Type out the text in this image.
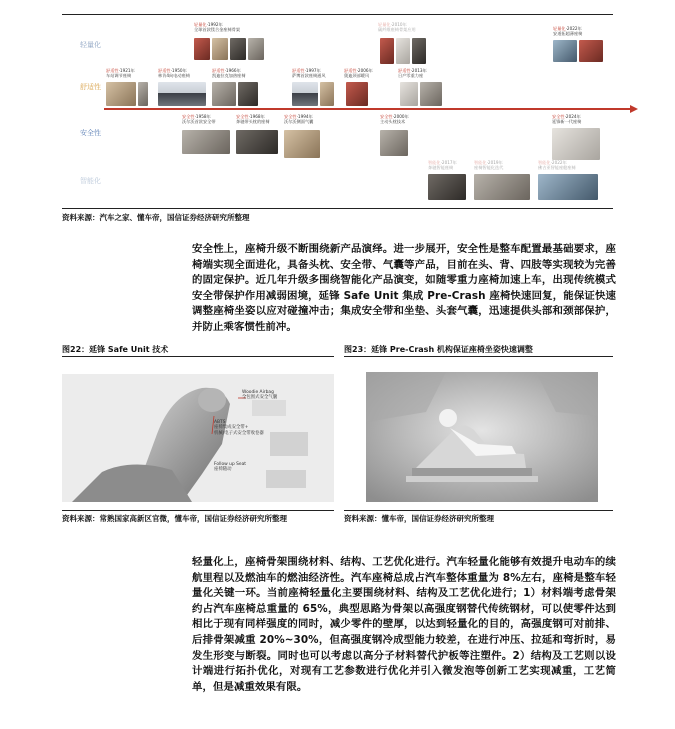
轻量化
舒适性
安全性
智能化
轻量化·1992年
全球首款镁合金座椅骨架
轻量化·2010年
碳纤维座椅骨架应用	轻量化·2022年
安道拓超薄座椅
舒适性·1921年
车站调节座椅
舒适性·1950年
林肯4向电动座椅
舒适性·1966年
凯迪拉克加热座椅
舒适性·1997年
萨博首款座椅通风
舒适性·2006年
奥迪颈部暖风
舒适性·2013年
日产零重力座
安全性·1958年
沃尔沃首款安全带
安全性·1968年
奔驰带头枕的座椅
安全性·1994年
沃尔沃侧面气囊
安全性·2000年
主动头枕技术
安全性·2024年
延锋新一代座椅
智能化·2017年
奔驰智能座椅
智能化·2019年
座椅智能化迭代
智能化·2022年
佛吉亚智能座舱座椅
资料来源：汽车之家、懂车帝，国信证券经济研究所整理
安全性上，座椅升级不断围绕新产品演绎。进一步展开，安全性是整车配置最基础要求，座椅端实现全面进化，具备头枕、安全带、气囊等产品，目前在头、背、四肢等实现较为完善的固定保护。近几年升级多围绕智能化产品演变，如随零重力座椅加速上车，出现传统模式安全带保护作用减弱困境，延锋 Safe Unit 集成 Pre-Crash 座椅快速回复，能保证快速调整座椅坐姿以应对碰撞冲击；集成安全带和坐垫、头套气囊，迅速提供头部和颈部保护，并防止乘客惯性前冲。
图22：延锋 Safe Unit 技术
Woodie Airbag
全包围式安全气囊
ABTS
座椅集成安全带+
机械/电子式安全带收卷器
Follow up Seat
座椅随动
资料来源：常熟国家高新区官微，懂车帝，国信证券经济研究所整理
图23：延锋 Pre-Crash 机构保证座椅坐姿快速调整
资料来源：懂车帝，国信证券经济研究所整理
轻量化上，座椅骨架围绕材料、结构、工艺优化进行。汽车轻量化能够有效提升电动车的续航里程以及燃油车的燃油经济性。汽车座椅总成占汽车整体重量为 8%左右，座椅是整车轻量化关键一环。当前座椅轻量化主要围绕材料、结构及工艺优化进行；1）材料端考虑骨架约占汽车座椅总重量的 65%，典型思路为骨架以高强度钢替代传统钢材，可以使零件达到相比于现有同样强度的同时，减少零件的壁厚，以达到轻量化的目的，高强度钢可对前排、后排骨架减重 20%~30%，但高强度钢冷成型能力较差，在进行冲压、拉延和弯折时，易发生形变与断裂。同时也可以考虑以高分子材料替代护板等注塑件。2）结构及工艺则以设计端进行拓扑优化，对现有工艺参数进行优化并引入微发泡等创新工艺实现减重，工艺简单，但是减重效果有限。
